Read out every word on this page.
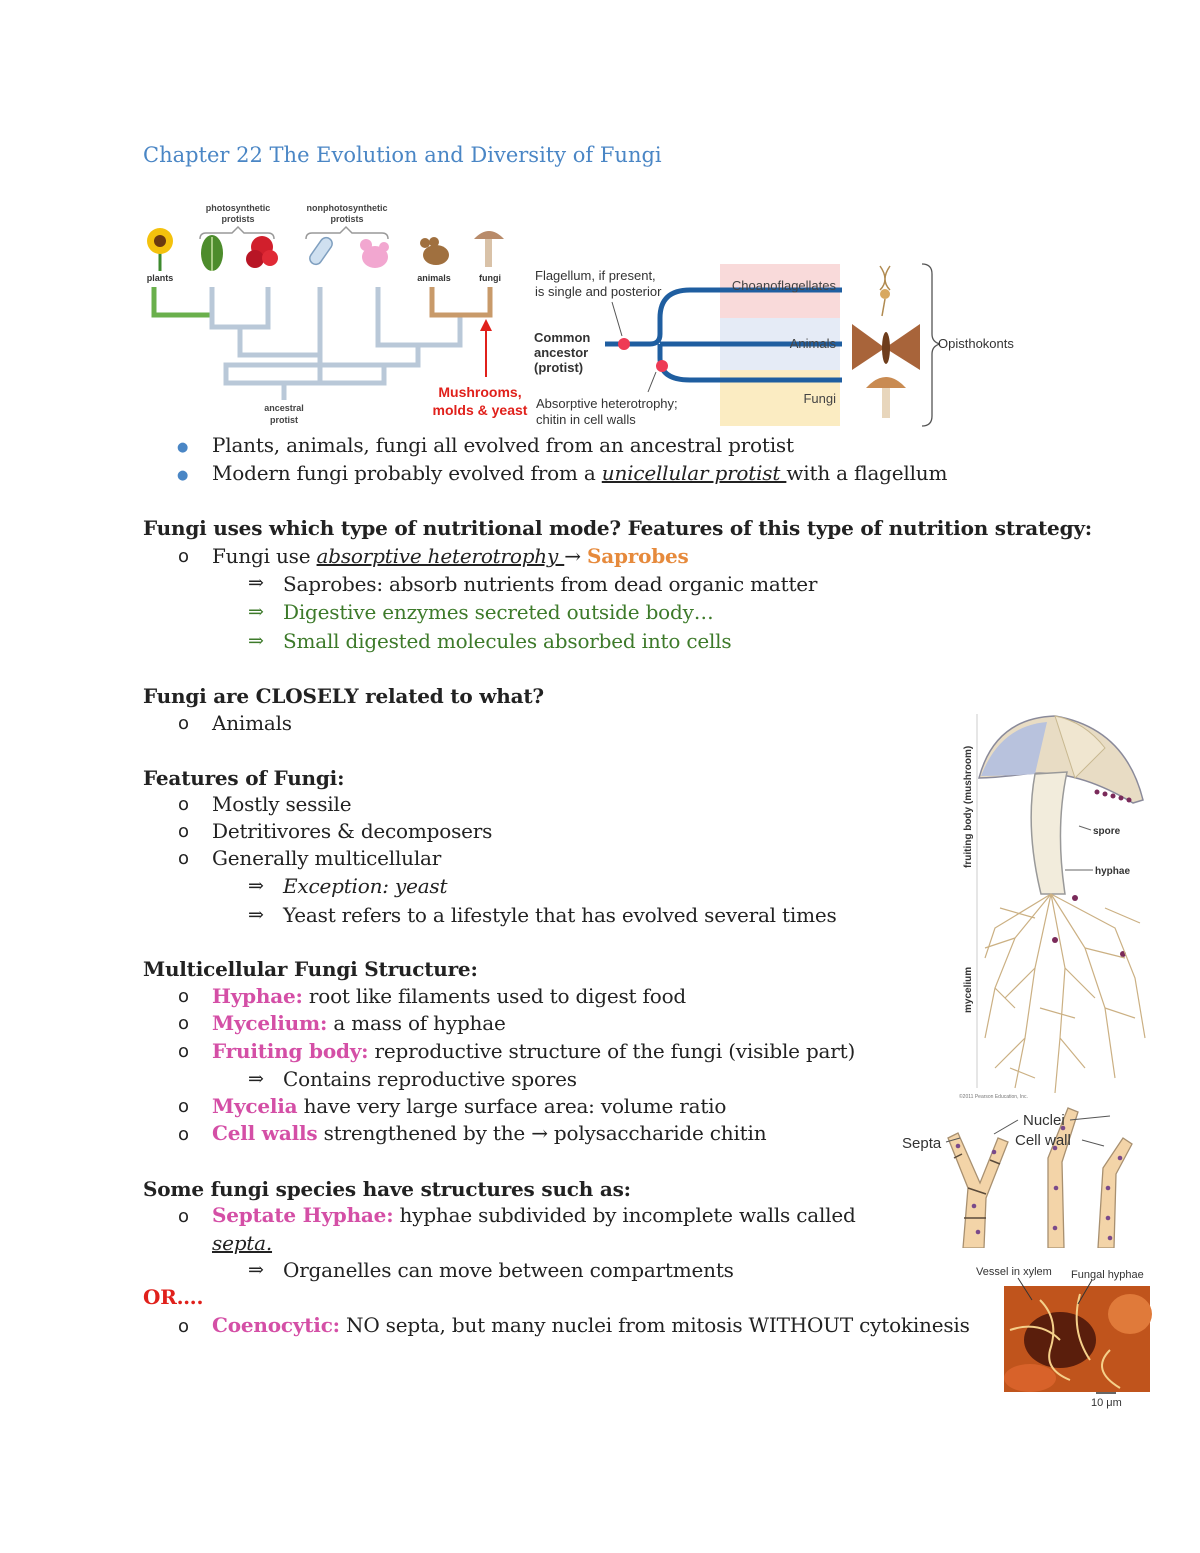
Chapter 22 The Evolution and Diversity of Fungi
photosynthetic
protists
nonphotosynthetic
protists
plants	animals	fungi
ancestral
protist
Mushrooms,
molds & yeast
Flagellum, if present,
is single and posterior
Common
ancestor
(protist)
Choanoflagellates
Animals
Fungi
Absorptive heterotrophy;
chitin in cell walls
Opisthokonts
● Plants, animals, fungi all evolved from an ancestral protist
● Modern fungi probably evolved from a unicellular protist with a flagellum
Fungi uses which type of nutritional mode? Features of this type of nutrition strategy:
o Fungi use absorptive heterotrophy → Saprobes
⇒ Saprobes: absorb nutrients from dead organic matter
⇒ Digestive enzymes secreted outside body…
⇒ Small digested molecules absorbed into cells
Fungi are CLOSELY related to what?
o Animals
Features of Fungi:
o Mostly sessile
o Detritivores & decomposers
o Generally multicellular
⇒ Exception: yeast
⇒ Yeast refers to a lifestyle that has evolved several times
Multicellular Fungi Structure:
o Hyphae: root like filaments used to digest food
o Mycelium: a mass of hyphae
o Fruiting body: reproductive structure of the fungi (visible part)
⇒ Contains reproductive spores
o Mycelia have very large surface area: volume ratio
o Cell walls strengthened by the → polysaccharide chitin
Some fungi species have structures such as:
o Septate Hyphae: hyphae subdivided by incomplete walls called
septa.
⇒ Organelles can move between compartments
OR….
o Coenocytic: NO septa, but many nuclei from mitosis WITHOUT cytokinesis
fruiting body (mushroom)
mycelium
spore
hyphae
©2011 Pearson Education, Inc.
Septa
Nuclei
Cell wall
Vessel in xylem Fungal hyphae
10 μm
